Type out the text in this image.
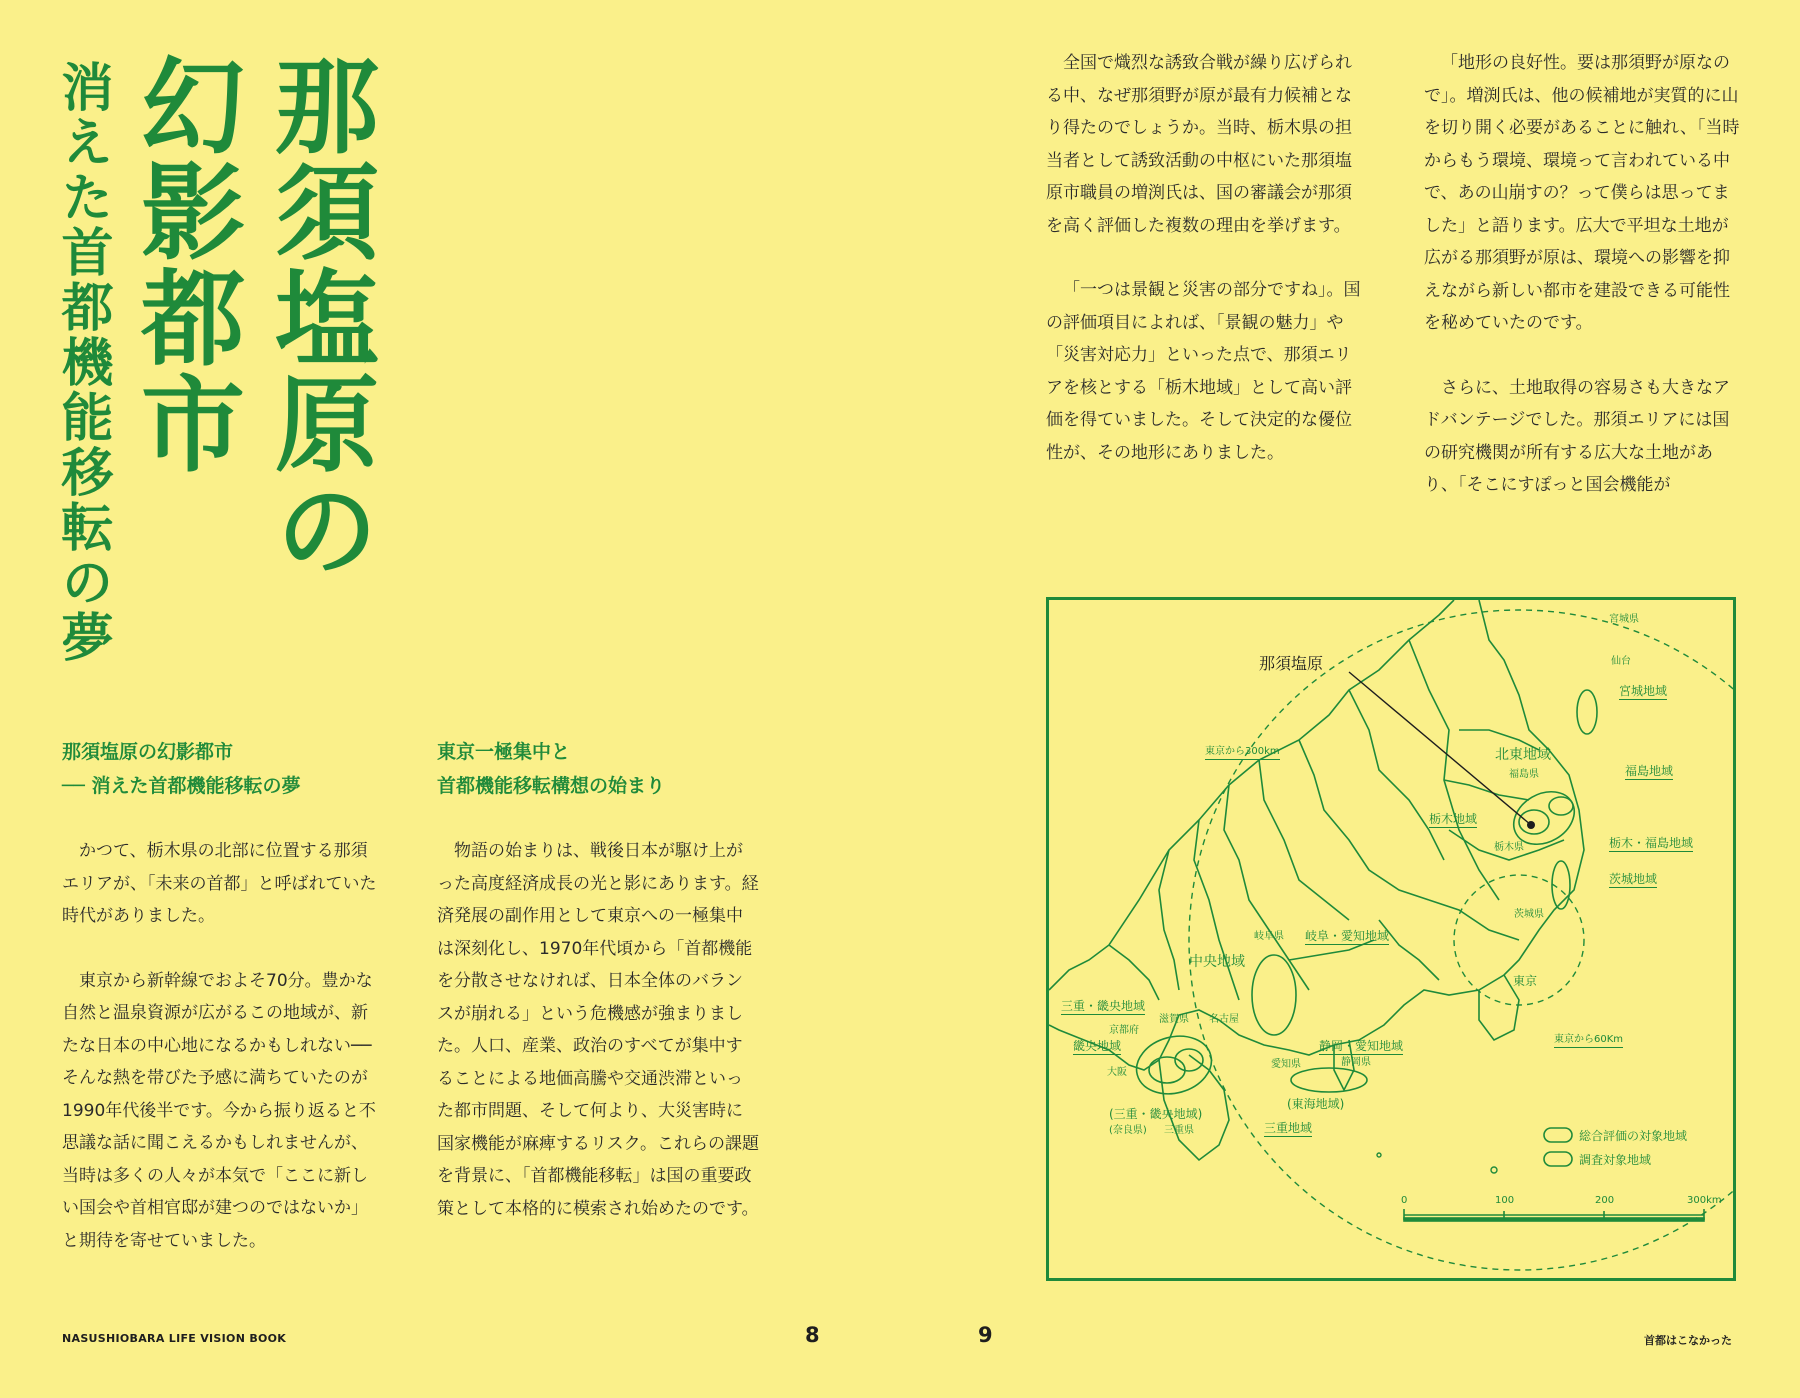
那須塩原の
幻影都市
消えた首都機能移転の夢
那須塩原の幻影都市
── 消えた首都機能移転の夢

かつて、栃木県の北部に位置する那須エリアが、「未来の首都」と呼ばれていた時代がありました。

東京から新幹線でおよそ70分。豊かな自然と温泉資源が広がるこの地域が、新たな日本の中心地になるかもしれない──そんな熱を帯びた予感に満ちていたのが1990年代後半です。今から振り返ると不思議な話に聞こえるかもしれませんが、当時は多くの人々が本気で「ここに新しい国会や首相官邸が建つのではないか」と期待を寄せていました。

東京一極集中と
首都機能移転構想の始まり

物語の始まりは、戦後日本が駆け上がった高度経済成長の光と影にあります。経済発展の副作用として東京への一極集中は深刻化し、1970年代頃から「首都機能を分散させなければ、日本全体のバランスが崩れる」という危機感が強まりました。人口、産業、政治のすべてが集中することによる地価高騰や交通渋滞といった都市問題、そして何より、大災害時に国家機能が麻痺するリスク。これらの課題を背景に、「首都機能移転」は国の重要政策として本格的に模索され始めたのです。

全国で熾烈な誘致合戦が繰り広げられる中、なぜ那須野が原が最有力候補となり得たのでしょうか。当時、栃木県の担当者として誘致活動の中枢にいた那須塩原市職員の増渕氏は、国の審議会が那須を高く評価した複数の理由を挙げます。

「一つは景観と災害の部分ですね」。国の評価項目によれば、「景観の魅力」や「災害対応力」といった点で、那須エリアを核とする「栃木地域」として高い評価を得ていました。そして決定的な優位性が、その地形にありました。

「地形の良好性。要は那須野が原なので」。増渕氏は、他の候補地が実質的に山を切り開く必要があることに触れ、「当時からもう環境、環境って言われている中で、あの山崩すの？って僕らは思ってました」と語ります。広大で平坦な土地が広がる那須野が原は、環境への影響を抑えながら新しい都市を建設できる可能性を秘めていたのです。

さらに、土地取得の容易さも大きなアドバンテージでした。那須エリアには国の研究機関が所有する広大な土地があり、「そこにすぽっと国会機能が

那須塩原
宮城県
仙台
宮城地域
北東地域
福島県	福島地域
栃木地域
栃木県	栃木・福島地域
茨城地域
茨城県
東京
東京から60Km
東京から300km
岐阜県 岐阜・愛知地域
中央地域
三重・畿央地域
京都府
滋賀県 名古屋
畿央地域
大阪
愛知県
静岡・愛知地域
静岡県
(三重・畿央地域)
(奈良県) 三重県
(東海地域)
三重地域
総合評価の対象地域
調査対象地域
0	100	200	300km
NASUSHIOBARA LIFE VISION BOOK	8	9	首都はこなかった
